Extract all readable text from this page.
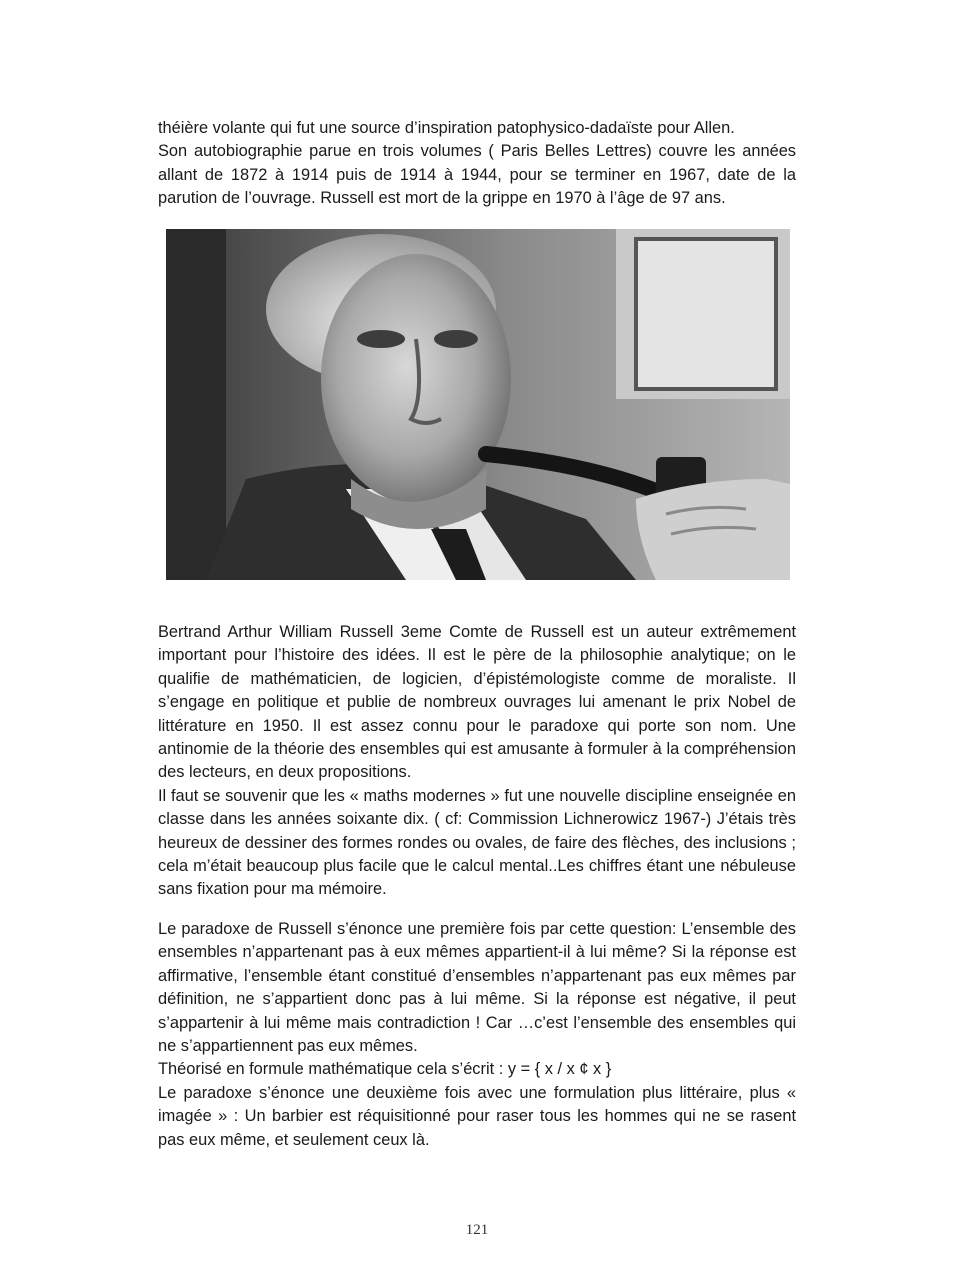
théière volante qui fut une source d’inspiration patophysico-dadaïste pour Allen.

Son autobiographie parue en trois volumes ( Paris Belles Lettres) couvre les années allant de 1872 à 1914 puis de 1914 à 1944, pour se terminer en 1967, date de la parution de l’ouvrage. Russell est mort de la grippe en 1970 à l’âge de 97 ans.

Bertrand Arthur William Russell 3eme Comte de Russell est un auteur extrêmement important pour l’histoire des idées. Il est le père de la philosophie analytique; on le qualifie de mathématicien, de logicien, d’épistémologiste comme de moraliste. Il s’engage en politique et publie de nombreux ouvrages lui amenant le prix Nobel de littérature en 1950. Il est assez connu pour le paradoxe qui porte son nom. Une antinomie de la théorie des ensembles qui est amusante à formuler à la compréhension des lecteurs, en deux propositions.

Il faut se souvenir que les « maths modernes » fut une nouvelle discipline enseignée en classe dans les années soixante dix. ( cf: Commission Lichnerowicz 1967-) J’étais très heureux de dessiner des formes rondes ou ovales, de faire des flèches, des inclusions ; cela m’était beaucoup plus facile que le calcul mental..Les chiffres étant une nébuleuse sans fixation pour ma mémoire.

Le paradoxe de Russell s’énonce une première fois par cette question: L’ensemble des ensembles n’appartenant pas à eux mêmes appartient-il à lui même? Si la réponse est affirmative, l’ensemble étant constitué d’ensembles n’appartenant pas eux mêmes par définition, ne s’appartient donc pas à lui même. Si la réponse est négative, il peut s’appartenir à lui même mais contradiction ! Car …c’est l’ensemble des ensembles qui ne s’appartiennent pas eux mêmes.

Théorisé en formule mathématique cela s’écrit : y = { x / x ¢ x }

Le paradoxe s’énonce une deuxième fois avec une formulation plus littéraire, plus « imagée » : Un barbier est réquisitionné pour raser tous les hommes qui ne se rasent pas eux même, et seulement ceux là.

121
